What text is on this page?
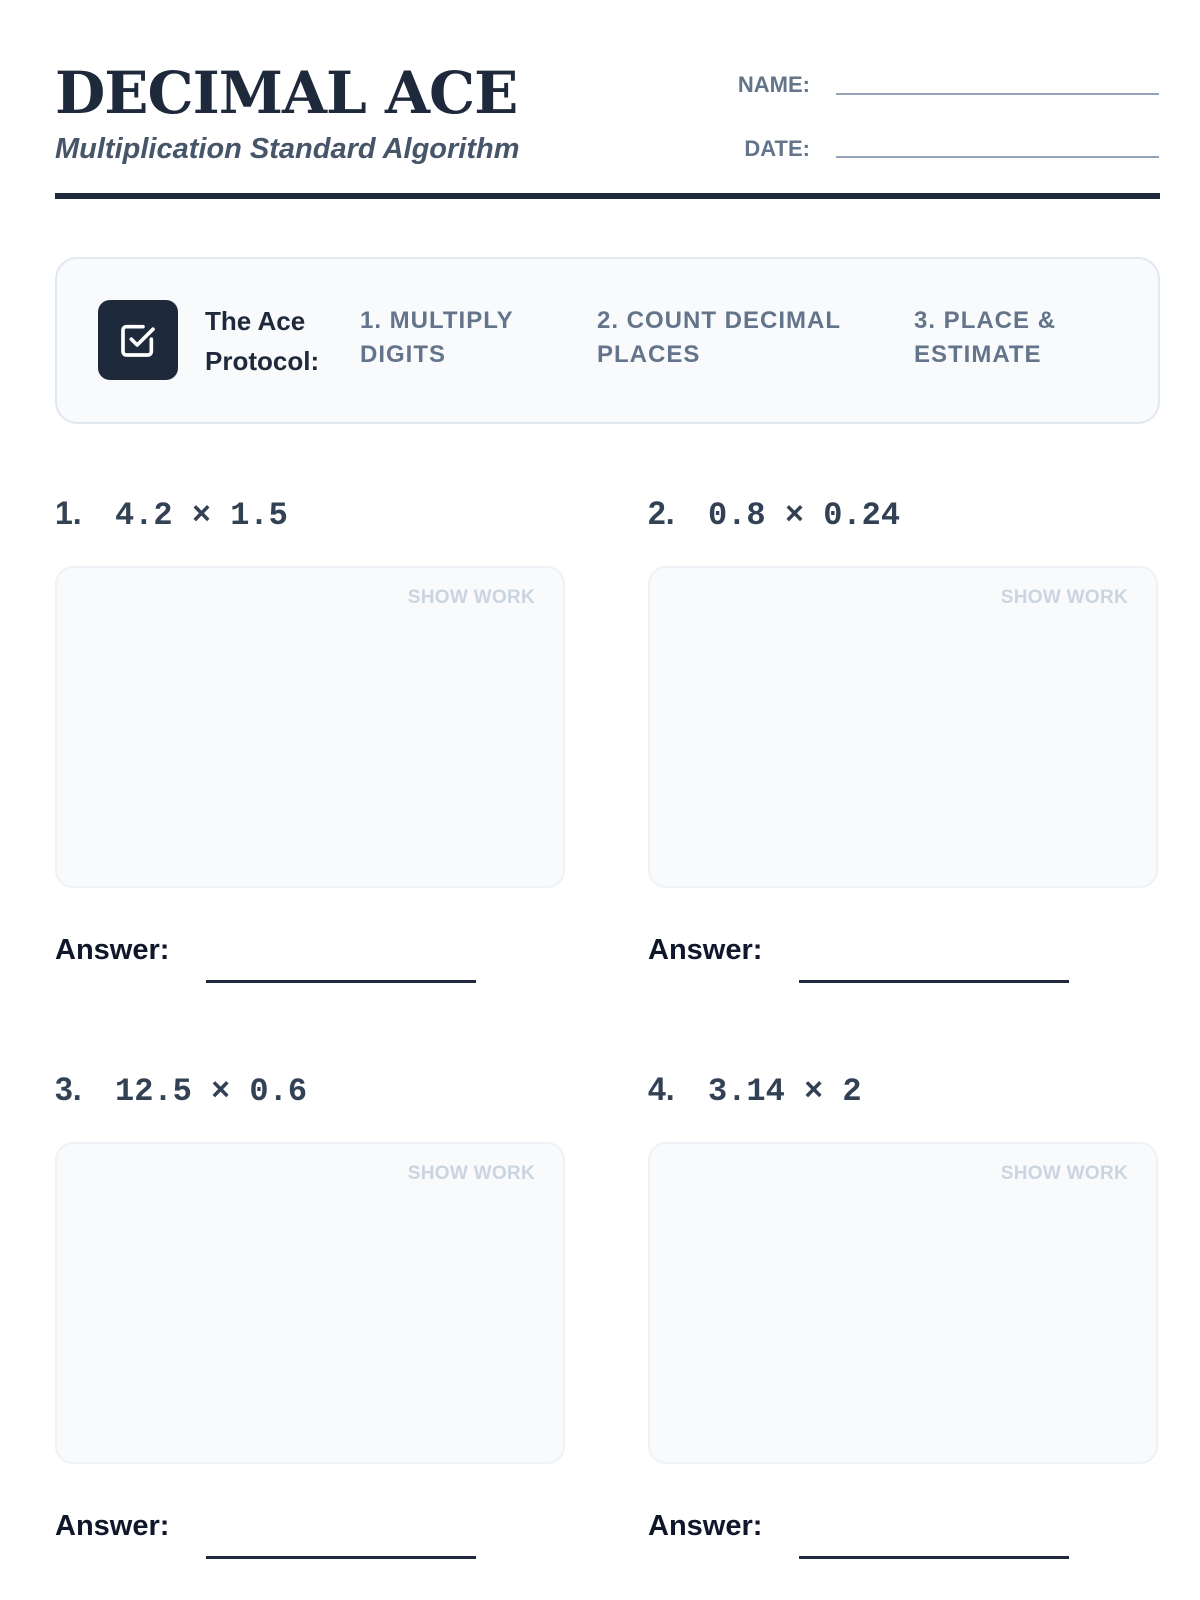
DECIMAL ACE
Multiplication Standard Algorithm
NAME:
DATE:
The Ace Protocol:
1. MULTIPLY DIGITS
2. COUNT DECIMAL PLACES
3. PLACE & ESTIMATE
1. 4.2 × 1.5
SHOW WORK
Answer:
2. 0.8 × 0.24
SHOW WORK
Answer:
3. 12.5 × 0.6
SHOW WORK
Answer:
4. 3.14 × 2
SHOW WORK
Answer:
